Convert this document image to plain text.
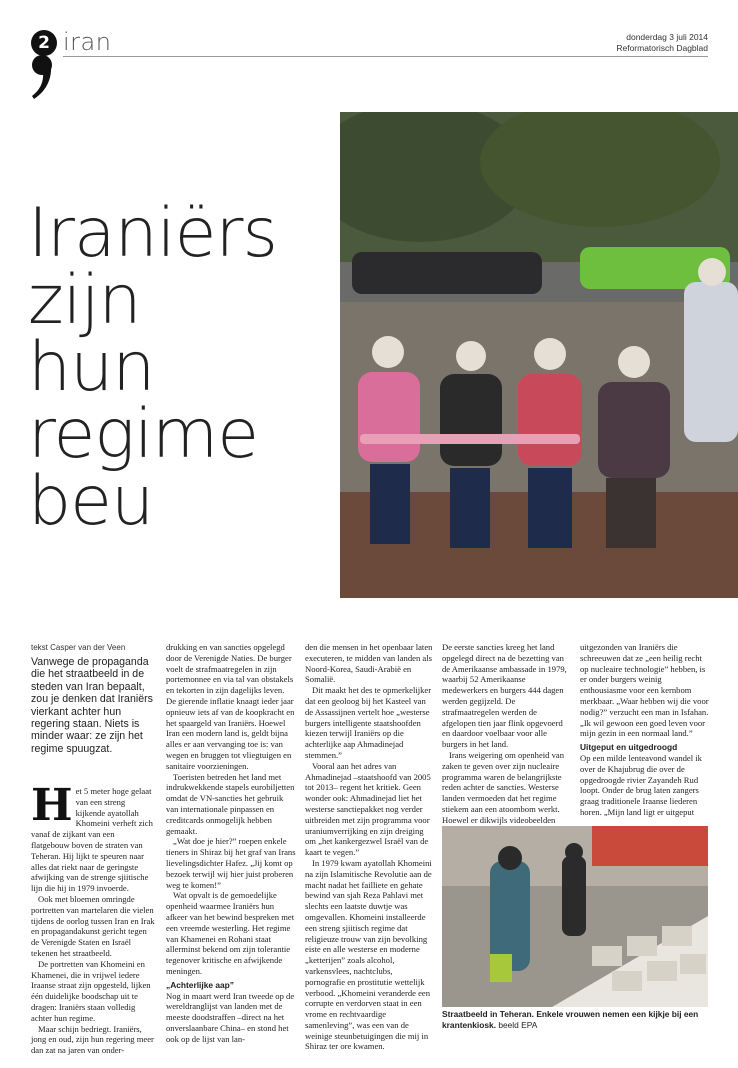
2 iran	donderdag 3 juli 2014
Reformatorisch Dagblad
Iraniërs
zijn
hun
regime
beu
tekst Casper van der Veen
Vanwege de propaganda die het straatbeeld in de steden van Iran bepaalt, zou je denken dat Iraniërs vierkant achter hun regering staan. Niets is minder waar: ze zijn het regime spuugzat.

Het 5 meter hoge gelaat van een streng kijkende ayatollah Khomeini verheft zich vanaf de zijkant van een flatgebouw boven de straten van Teheran. Hij lijkt te speuren naar alles dat riekt naar de geringste afwijking van de strenge sjiitische lijn die hij in 1979 invoerde.

Ook met bloemen omringde portretten van martelaren die vielen tijdens de oorlog tussen Iran en Irak en propagandakunst gericht tegen de Verenigde Staten en Israël tekenen het straatbeeld.

De portretten van Khomeini en Khamenei, die in vrijwel iedere Iraanse straat zijn opgesteld, lijken één duidelijke boodschap uit te dragen: Iraniërs staan volledig achter hun regime.

Maar schijn bedriegt. Iraniërs, jong en oud, zijn hun regering meer dan zat na jaren van onder-

drukking en van sancties opgelegd door de Verenigde Naties. De burger voelt de strafmaatregelen in zijn portemonnee en via tal van obstakels en tekorten in zijn dagelijks leven. De gierende inflatie knaagt ieder jaar opnieuw iets af van de koopkracht en het spaargeld van Iraniërs. Hoewel Iran een modern land is, geldt bijna alles er aan vervanging toe is: van wegen en bruggen tot vliegtuigen en sanitaire voorzieningen.

Toeristen betreden het land met indrukwekkende stapels eurobiljetten omdat de VN-sancties het gebruik van internationale pinpassen en creditcards onmogelijk hebben gemaakt.

„Wat doe je hier?” roepen enkele tieners in Shiraz bij het graf van Irans lievelingsdichter Hafez. „Jij komt op bezoek terwijl wij hier juist proberen weg te komen!”

Wat opvalt is de gemoedelijke openheid waarmee Iraniërs hun afkeer van het bewind bespreken met een vreemde westerling. Het regime van Khamenei en Rohani staat allerminst bekend om zijn tolerantie tegenover kritische en afwijkende meningen.

„Achterlijke aap”

Nog in maart werd Iran tweede op de wereldranglijst van landen met de meeste doodstraffen –direct na het onverslaanbare China– en stond het ook op de lijst van lan-

den die mensen in het openbaar laten executeren, te midden van landen als Noord-Korea, Saudi-Arabië en Somalië.

Dit maakt het des te opmerkelijker dat een geoloog bij het Kasteel van de Assassijnen vertelt hoe „westerse burgers intelligente staatshoofden kiezen terwijl Iraniërs op die achterlijke aap Ahmadinejad stemmen.”

Vooral aan het adres van Ahmadinejad –staatshoofd van 2005 tot 2013– regent het kritiek. Geen wonder ook: Ahmadinejad liet het westerse sanctiepakket nog verder uitbreiden met zijn programma voor uraniumverrijking en zijn dreiging om „het kankergezwel Israël van de kaart te vegen.”

In 1979 kwam ayatollah Khomeini na zijn Islamitische Revolutie aan de macht nadat het failliete en gehate bewind van sjah Reza Pahlavi met slechts een laatste duwtje was omgevallen. Khomeini installeerde een streng sjiitisch regime dat religieuze trouw van zijn bevolking eiste en alle westerse en moderne „ketterijen” zoals alcohol, varkensvlees, nachtclubs, pornografie en prostitutie wettelijk verbood. „Khomeini veranderde een corrupte en verdorven staat in een vrome en rechtvaardige samenleving”, was een van de weinige steunbetuigingen die mij in Shiraz ter ore kwamen.

De eerste sancties kreeg het land opgelegd direct na de bezetting van de Amerikaanse ambassade in 1979, waarbij 52 Amerikaanse medewerkers en burgers 444 dagen werden gegijzeld. De strafmaatregelen werden de afgelopen tien jaar flink opgevoerd en daardoor voelbaar voor alle burgers in het land.

Irans weigering om openheid van zaken te geven over zijn nucleaire programma waren de belangrijkste reden achter de sancties. Westerse landen vermoeden dat het regime stiekem aan een atoombom werkt. Hoewel er dikwijls videobeelden

uitgezonden van Iraniërs die schreeuwen dat ze „een heilig recht op nucleaire technologie” hebben, is er onder burgers weinig enthousiasme voor een kernbom merkbaar. „Waar hebben wij die voor nodig?” verzucht een man in Isfahan. „Ik wil gewoon een goed leven voor mijn gezin in een normaal land.”

Uitgeput en uitgedroogd

Op een milde lenteavond wandel ik over de Khajubrug die over de opgedroogde rivier Zayandeh Rud loopt. Onder de brug laten zangers graag traditionele Iraanse liederen horen. „Mijn land ligt er uitgeput

Straatbeeld in Teheran. Enkele vrouwen nemen een kijkje bij een krantenkiosk. beeld EPA
